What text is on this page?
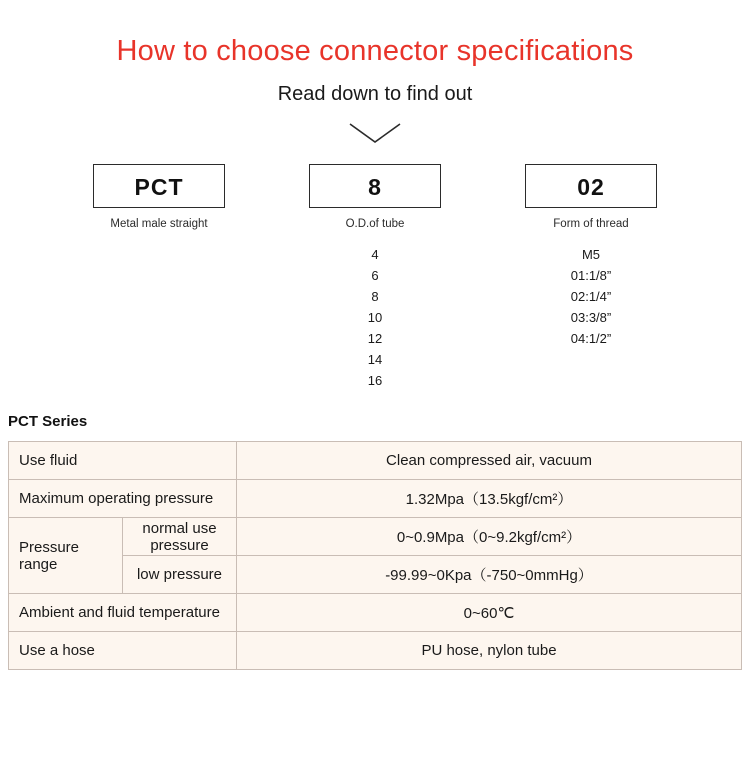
How to choose connector specifications
Read down to find out
PCT
Metal male straight
8
O.D.of tube
4
6
8
10
12
14
16
02
Form of thread
M5
01:1/8”
02:1/4”
03:3/8”
04:1/2”
PCT Series
Use fluid		Clean compressed air, vacuum
Maximum operating pressure		1.32Mpa（13.5kgf/cm²）
Pressure range	normal use pressure	0~0.9Mpa（0~9.2kgf/cm²）
	low pressure	-99.99~0Kpa（-750~0mmHg）
Ambient and fluid temperature		0~60℃
Use a hose		PU hose, nylon tube
